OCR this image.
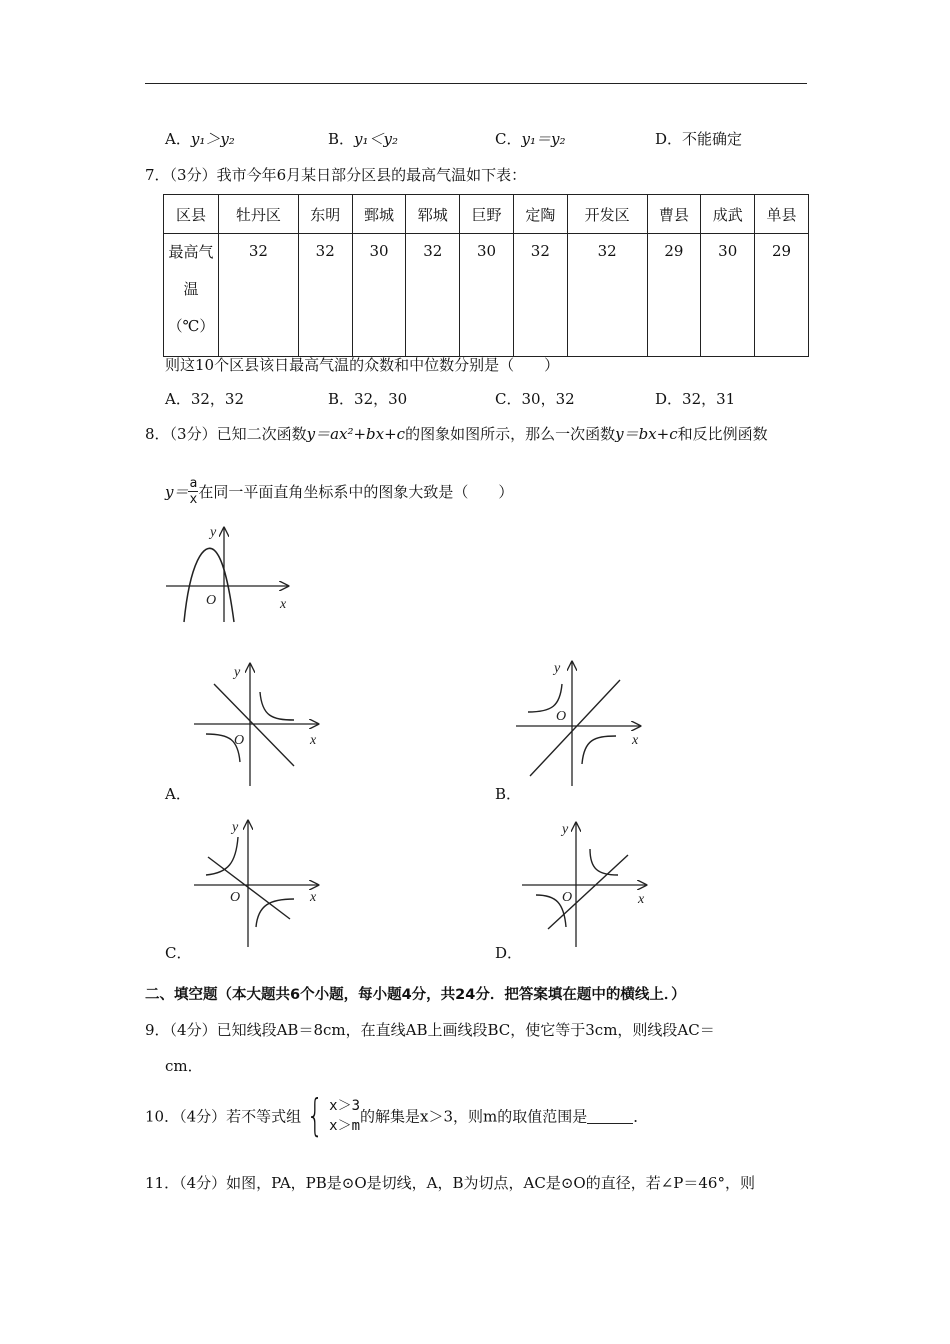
A．y₁＞y₂	B．y₁＜y₂	C．y₁＝y₂	D．不能确定
7．（3分）我市今年6月某日部分区县的最高气温如下表：
区县	牡丹区	东明	鄄城	郓城	巨野	定陶	开发区	曹县	成武	单县

最高气
温
（℃）	32	32	30	32	30	32	32	29	30	29
则这10个区县该日最高气温的众数和中位数分别是（　　）
A．32，32	B．32，30	C．30，32	D．32，31
8．（3分）已知二次函数y＝ax²+bx+c的图象如图所示，那么一次函数y＝bx+c和反比例函数
$y= \frac{a}{x}$ 在同一平面直角坐标系中的图象大致是（　　）
x
y
O
x
y
O
A．
x
y
O
B．
x
y
O
C．
x
y
O
D．
二、填空题（本大题共6个小题，每小题4分，共24分．把答案填在题中的横线上．）
9．（4分）已知线段AB＝8cm，在直线AB上画线段BC，使它等于3cm，则线段AC＝
cm．
10．（4分）若不等式组 { x＞3
x＞m
的解集是x＞3，则m的取值范围是	．
11．（4分）如图，PA，PB是⊙O是切线，A，B为切点，AC是⊙O的直径，若∠P＝46°，则
